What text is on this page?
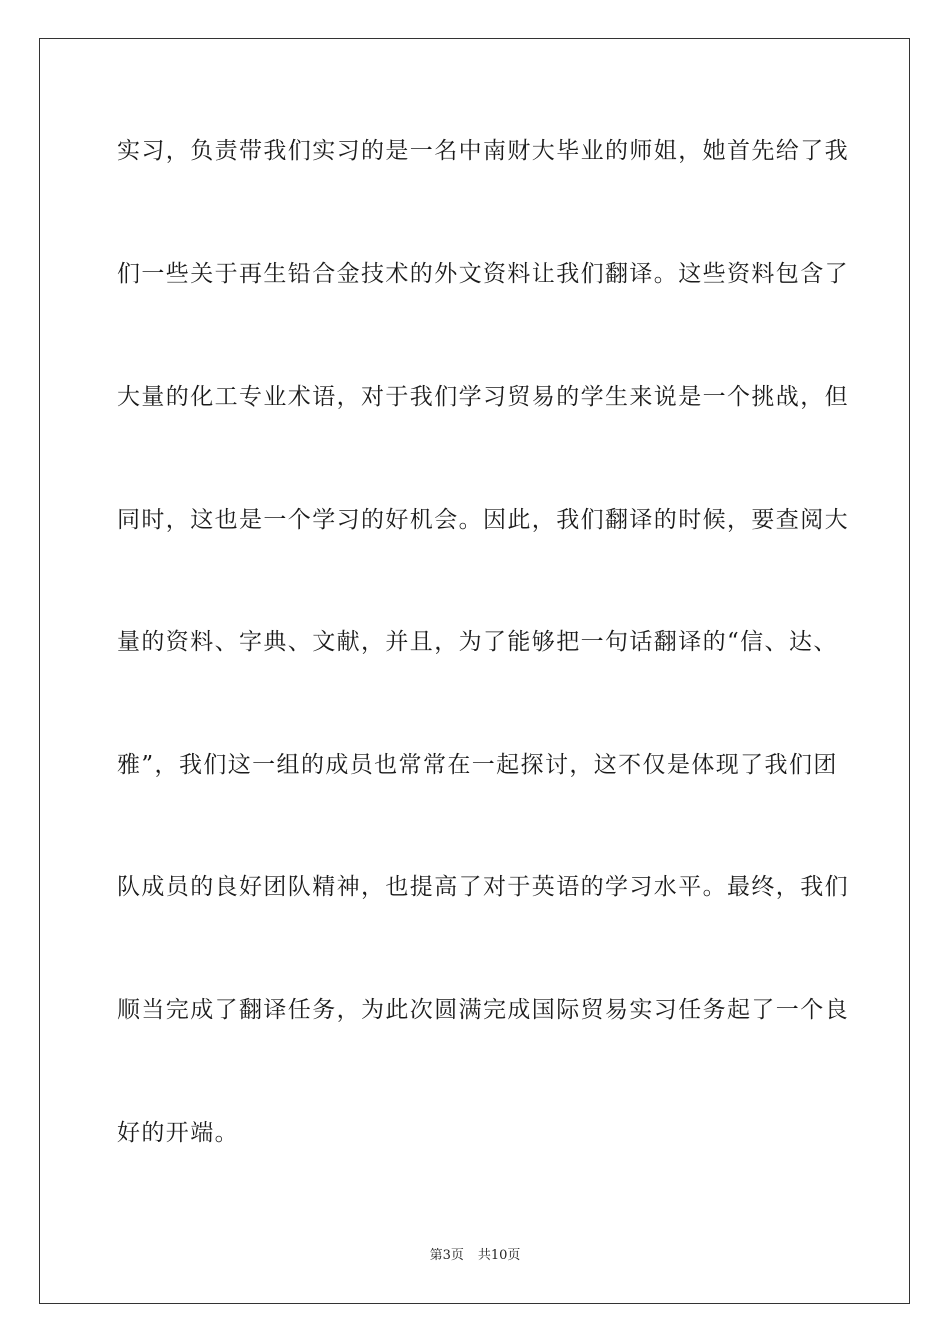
实习，负责带我们实习的是一名中南财大毕业的师姐，她首先给了我
们一些关于再生铅合金技术的外文资料让我们翻译。这些资料包含了
大量的化工专业术语，对于我们学习贸易的学生来说是一个挑战，但
同时，这也是一个学习的好机会。因此，我们翻译的时候，要查阅大
量的资料、字典、文献，并且，为了能够把一句话翻译的“信、达、
雅”，我们这一组的成员也常常在一起探讨，这不仅是体现了我们团
队成员的良好团队精神，也提高了对于英语的学习水平。最终，我们
顺当完成了翻译任务，为此次圆满完成国际贸易实习任务起了一个良
好的开端。
第3页 共10页
